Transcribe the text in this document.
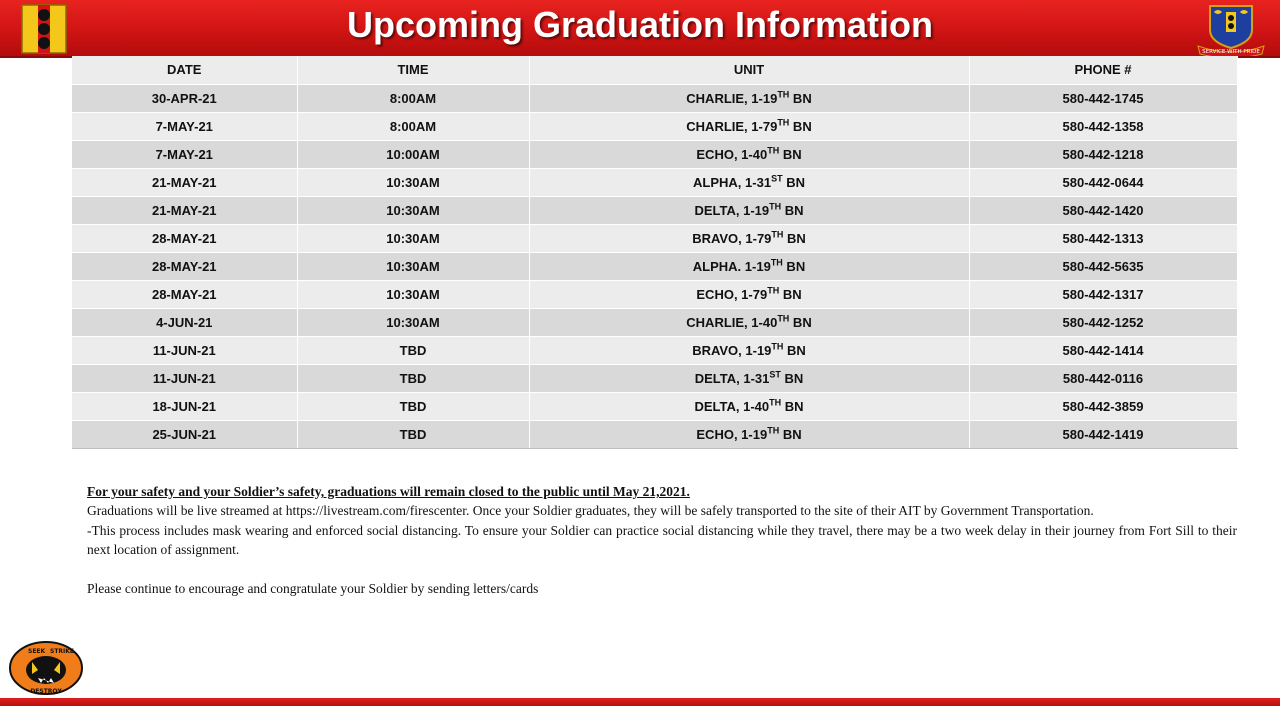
Upcoming Graduation Information
SERVICE WITH PRIDE
DATE	TIME	UNIT	PHONE #
30-APR-21	8:00AM	CHARLIE, 1-19TH BN	580-442-1745
7-MAY-21	8:00AM	CHARLIE, 1-79TH BN	580-442-1358
7-MAY-21	10:00AM	ECHO, 1-40TH BN	580-442-1218
21-MAY-21	10:30AM	ALPHA, 1-31ST BN	580-442-0644
21-MAY-21	10:30AM	DELTA, 1-19TH BN	580-442-1420
28-MAY-21	10:30AM	BRAVO, 1-79TH BN	580-442-1313
28-MAY-21	10:30AM	ALPHA. 1-19TH BN	580-442-5635
28-MAY-21	10:30AM	ECHO, 1-79TH BN	580-442-1317
4-JUN-21	10:30AM	CHARLIE, 1-40TH BN	580-442-1252
11-JUN-21	TBD	BRAVO, 1-19TH BN	580-442-1414
11-JUN-21	TBD	DELTA, 1-31ST BN	580-442-0116
18-JUN-21	TBD	DELTA, 1-40TH BN	580-442-3859
25-JUN-21	TBD	ECHO, 1-19TH BN	580-442-1419

For your safety and your Soldier’s safety, graduations will remain closed to the public until May 21,2021.

Graduations will be live streamed at https://livestream.com/firescenter. Once your Soldier graduates, they will be safely transported to the site of their AIT by Government Transportation.

-This process includes mask wearing and enforced social distancing. To ensure your Soldier can practice social distancing while they travel, there may be a two week delay in their journey from Fort Sill to their next location of assignment.

Please continue to encourage and congratulate your Soldier by sending letters/cards

SEEK STRIKE
DESTROY
